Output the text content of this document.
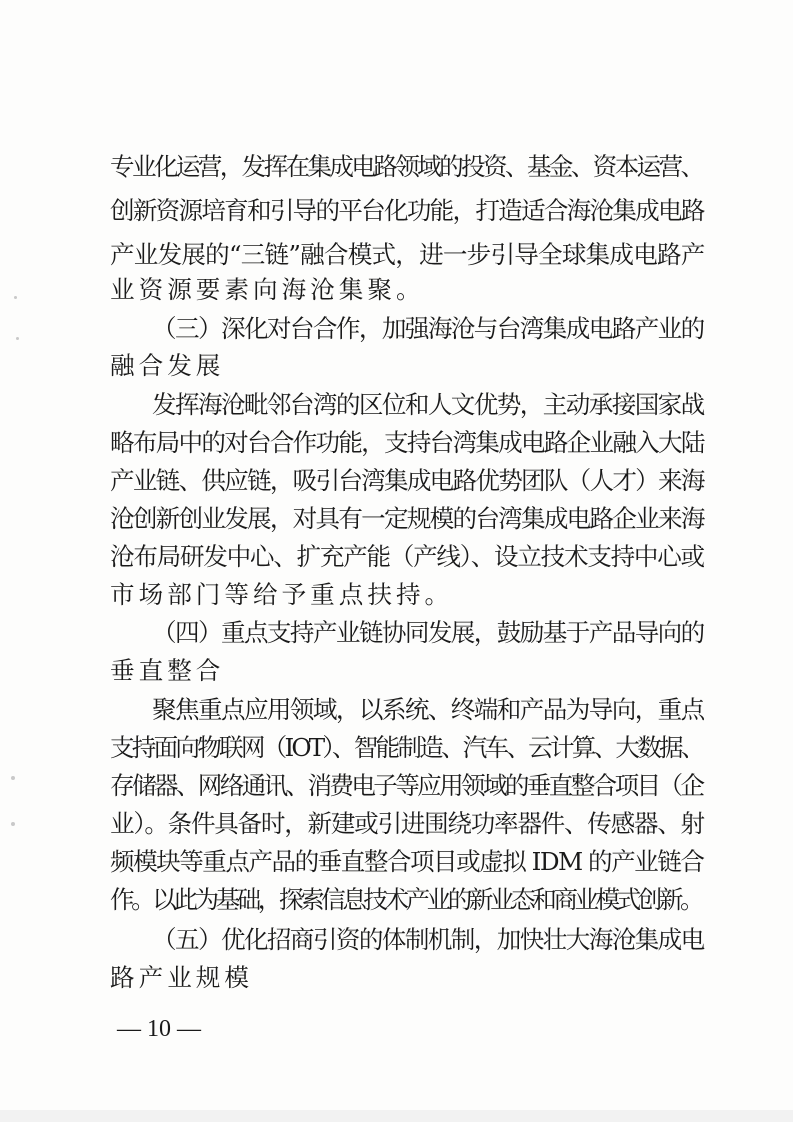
专业化运营，发挥在集成电路领域的投资、基金、资本运营、
创新资源培育和引导的平台化功能，打造适合海沧集成电路
产业发展的“三链”融合模式，进一步引导全球集成电路产
业资源要素向海沧集聚。
（三）深化对台合作，加强海沧与台湾集成电路产业的
融合发展
发挥海沧毗邻台湾的区位和人文优势，主动承接国家战
略布局中的对台合作功能，支持台湾集成电路企业融入大陆
产业链、供应链，吸引台湾集成电路优势团队（人才）来海
沧创新创业发展，对具有一定规模的台湾集成电路企业来海
沧布局研发中心、扩充产能（产线）、设立技术支持中心或
市场部门等给予重点扶持。
（四）重点支持产业链协同发展，鼓励基于产品导向的
垂直整合
聚焦重点应用领域，以系统、终端和产品为导向，重点
支持面向物联网（IOT）、智能制造、汽车、云计算、大数据、
存储器、网络通讯、消费电子等应用领域的垂直整合项目（企
业）。条件具备时，新建或引进围绕功率器件、传感器、射
频模块等重点产品的垂直整合项目或虚拟 IDM 的产业链合
作。以此为基础，探索信息技术产业的新业态和商业模式创新。
（五）优化招商引资的体制机制，加快壮大海沧集成电
路产业规模
— 10 —
